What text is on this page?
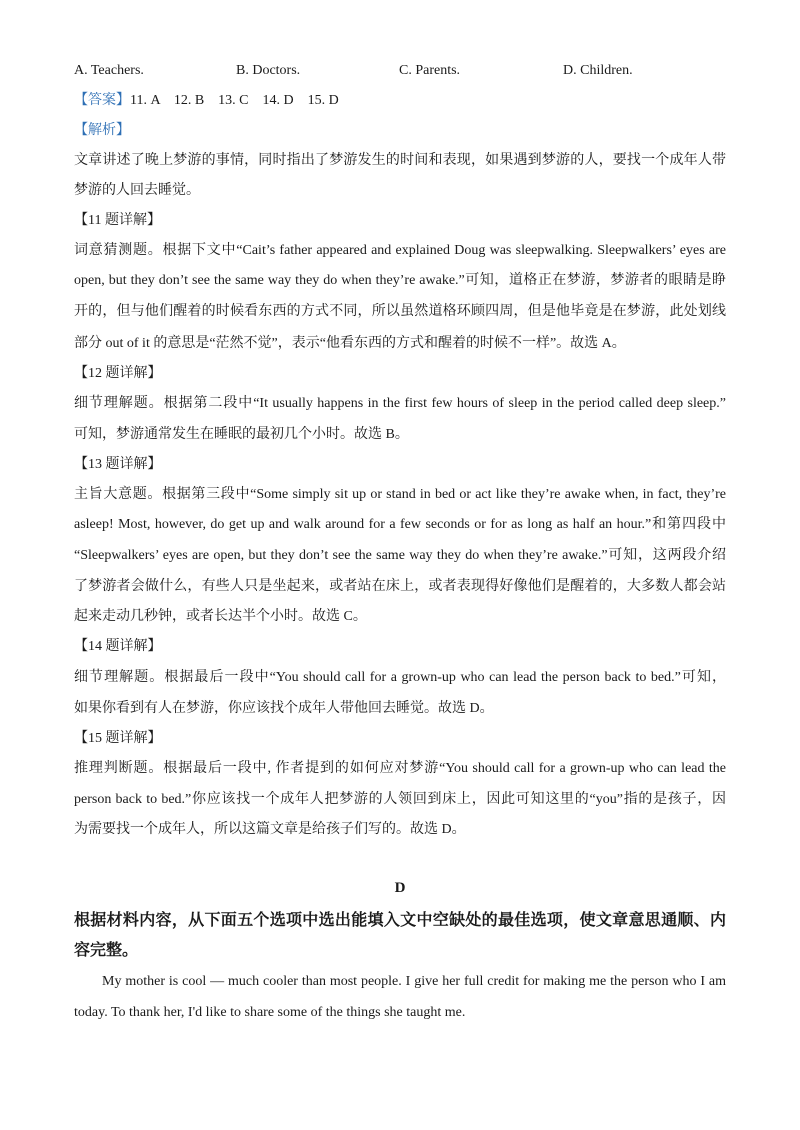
A. Teachers.	B. Doctors.	C. Parents.	D. Children.
【答案】11. A    12. B    13. C    14. D    15. D
【解析】
文章讲述了晚上梦游的事情，同时指出了梦游发生的时间和表现，如果遇到梦游的人，要找一个成年人带
梦游的人回去睡觉。
【11 题详解】
词意猜测题。根据下文中“Cait’s father appeared and explained Doug was sleepwalking. Sleepwalkers’ eyes are
open, but they don’t see the same way they do when they’re awake.”可知，道格正在梦游，梦游者的眼睛是睁
开的，但与他们醒着的时候看东西的方式不同，所以虽然道格环顾四周，但是他毕竟是在梦游，此处划线
部分 out of it 的意思是“茫然不觉”，表示“他看东西的方式和醒着的时候不一样”。故选 A。
【12 题详解】
细节理解题。根据第二段中“It usually happens in the first few hours of sleep in the period called deep sleep.”
可知，梦游通常发生在睡眠的最初几个小时。故选 B。
【13 题详解】
主旨大意题。根据第三段中“Some simply sit up or stand in bed or act like they’re awake when, in fact, they’re
asleep! Most, however, do get up and walk around for a few seconds or for as long as half an hour.”和第四段中
“Sleepwalkers’ eyes are open, but they don’t see the same way they do when they’re awake.”可知，这两段介绍
了梦游者会做什么，有些人只是坐起来，或者站在床上，或者表现得好像他们是醒着的，大多数人都会站
起来走动几秒钟，或者长达半个小时。故选 C。
【14 题详解】
细节理解题。根据最后一段中“You should call for a grown-up who can lead the person back to bed.”可知，
如果你看到有人在梦游，你应该找个成年人带他回去睡觉。故选 D。
【15 题详解】
推理判断题。根据最后一段中, 作者提到的如何应对梦游“You should call for a grown-up who can lead the
person back to bed.”你应该找一个成年人把梦游的人领回到床上，因此可知这里的“you”指的是孩子，因
为需要找一个成年人，所以这篇文章是给孩子们写的。故选 D。
D
根据材料内容，从下面五个选项中选出能填入文中空缺处的最佳选项，使文章意思通顺、内
容完整。
My mother is cool — much cooler than most people. I give her full credit for making me the person who I am
today. To thank her, I'd like to share some of the things she taught me.
